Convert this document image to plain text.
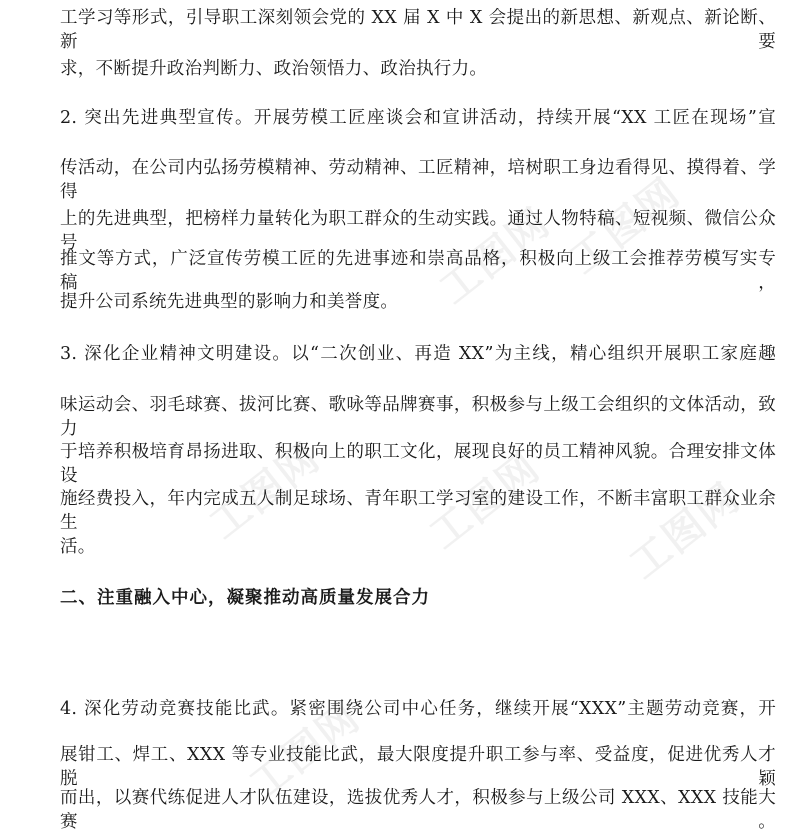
工图网 工图网
工图网 工图网 工图网
工图网
工学习等形式，引导职工深刻领会党的 XX 届 X 中 X 会提出的新思想、新观点、新论断、新要
求，不断提升政治判断力、政治领悟力、政治执行力。
2. 突出先进典型宣传。开展劳模工匠座谈会和宣讲活动，持续开展“XX 工匠在现场”宣
传活动，在公司内弘扬劳模精神、劳动精神、工匠精神，培树职工身边看得见、摸得着、学得
上的先进典型，把榜样力量转化为职工群众的生动实践。通过人物特稿、短视频、微信公众号
推文等方式，广泛宣传劳模工匠的先进事迹和崇高品格，积极向上级工会推荐劳模写实专稿，
提升公司系统先进典型的影响力和美誉度。
3. 深化企业精神文明建设。以“二次创业、再造 XX”为主线，精心组织开展职工家庭趣
味运动会、羽毛球赛、拔河比赛、歌咏等品牌赛事，积极参与上级工会组织的文体活动，致力
于培养积极培育昂扬进取、积极向上的职工文化，展现良好的员工精神风貌。合理安排文体设
施经费投入，年内完成五人制足球场、青年职工学习室的建设工作，不断丰富职工群众业余生
活。
二、注重融入中心，凝聚推动高质量发展合力
4. 深化劳动竞赛技能比武。紧密围绕公司中心任务，继续开展“XXX”主题劳动竞赛，开
展钳工、焊工、XXX 等专业技能比武，最大限度提升职工参与率、受益度，促进优秀人才脱颖
而出，以赛代练促进人才队伍建设，选拔优秀人才，积极参与上级公司 XXX、XXX 技能大赛。
